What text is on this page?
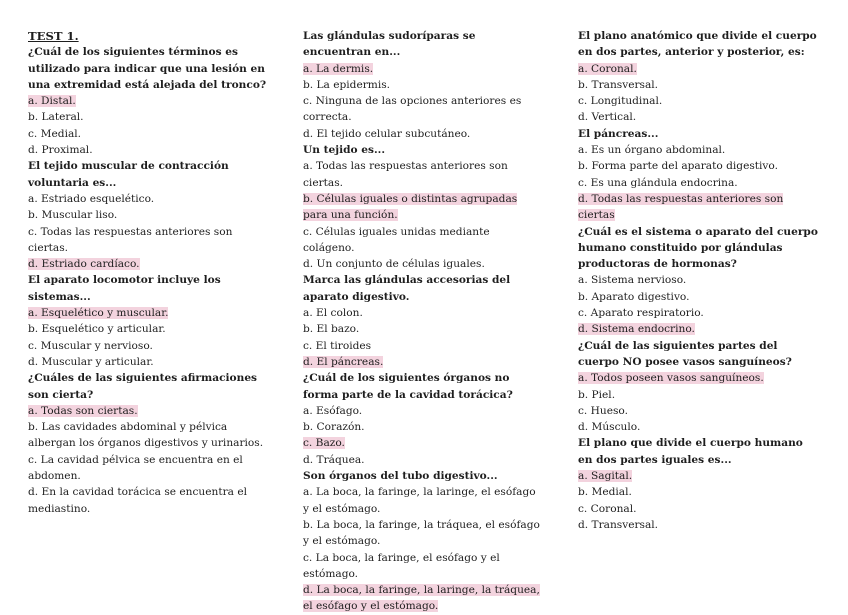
TEST 1.

¿Cuál de los siguientes términos es utilizado para indicar que una lesión en una extremidad está alejada del tronco?

a. Distal.

b. Lateral.

c. Medial.

d. Proximal.

El tejido muscular de contracción voluntaria es...

a. Estriado esquelético.

b. Muscular liso.

c. Todas las respuestas anteriores son ciertas.

d. Estriado cardíaco.

El aparato locomotor incluye los sistemas...

a. Esquelético y muscular.

b. Esquelético y articular.

c. Muscular y nervioso.

d. Muscular y articular.

¿Cuáles de las siguientes afirmaciones son cierta?

a. Todas son ciertas.

b. Las cavidades abdominal y pélvica albergan los órganos digestivos y urinarios.

c. La cavidad pélvica se encuentra en el abdomen.

d. En la cavidad torácica se encuentra el mediastino.

Las glándulas sudoríparas se encuentran en...

a. La dermis.

b. La epidermis.

c. Ninguna de las opciones anteriores es correcta.

d. El tejido celular subcutáneo.

Un tejido es...

a. Todas las respuestas anteriores son ciertas.

b. Células iguales o distintas agrupadas para una función.

c. Células iguales unidas mediante colágeno.

d. Un conjunto de células iguales.

Marca las glándulas accesorias del aparato digestivo.

a. El colon.

b. El bazo.

c. El tiroides

d. El páncreas.

¿Cuál de los siguientes órganos no forma parte de la cavidad torácica?

a. Esófago.

b. Corazón.

c. Bazo.

d. Tráquea.

Son órganos del tubo digestivo...

a. La boca, la faringe, la laringe, el esófago y el estómago.

b. La boca, la faringe, la tráquea, el esófago y el estómago.

c. La boca, la faringe, el esófago y el estómago.

d. La boca, la faringe, la laringe, la tráquea, el esófago y el estómago.

El plano anatómico que divide el cuerpo en dos partes, anterior y posterior, es:

a. Coronal.

b. Transversal.

c. Longitudinal.

d. Vertical.

El páncreas...

a. Es un órgano abdominal.

b. Forma parte del aparato digestivo.

c. Es una glándula endocrina.

d. Todas las respuestas anteriores son ciertas

¿Cuál es el sistema o aparato del cuerpo humano constituido por glándulas productoras de hormonas?

a. Sistema nervioso.

b. Aparato digestivo.

c. Aparato respiratorio.

d. Sistema endocrino.

¿Cuál de las siguientes partes del cuerpo NO posee vasos sanguíneos?

a. Todos poseen vasos sanguíneos.

b. Piel.

c. Hueso.

d. Músculo.

El plano que divide el cuerpo humano en dos partes iguales es...

a. Sagital.

b. Medial.

c. Coronal.

d. Transversal.
